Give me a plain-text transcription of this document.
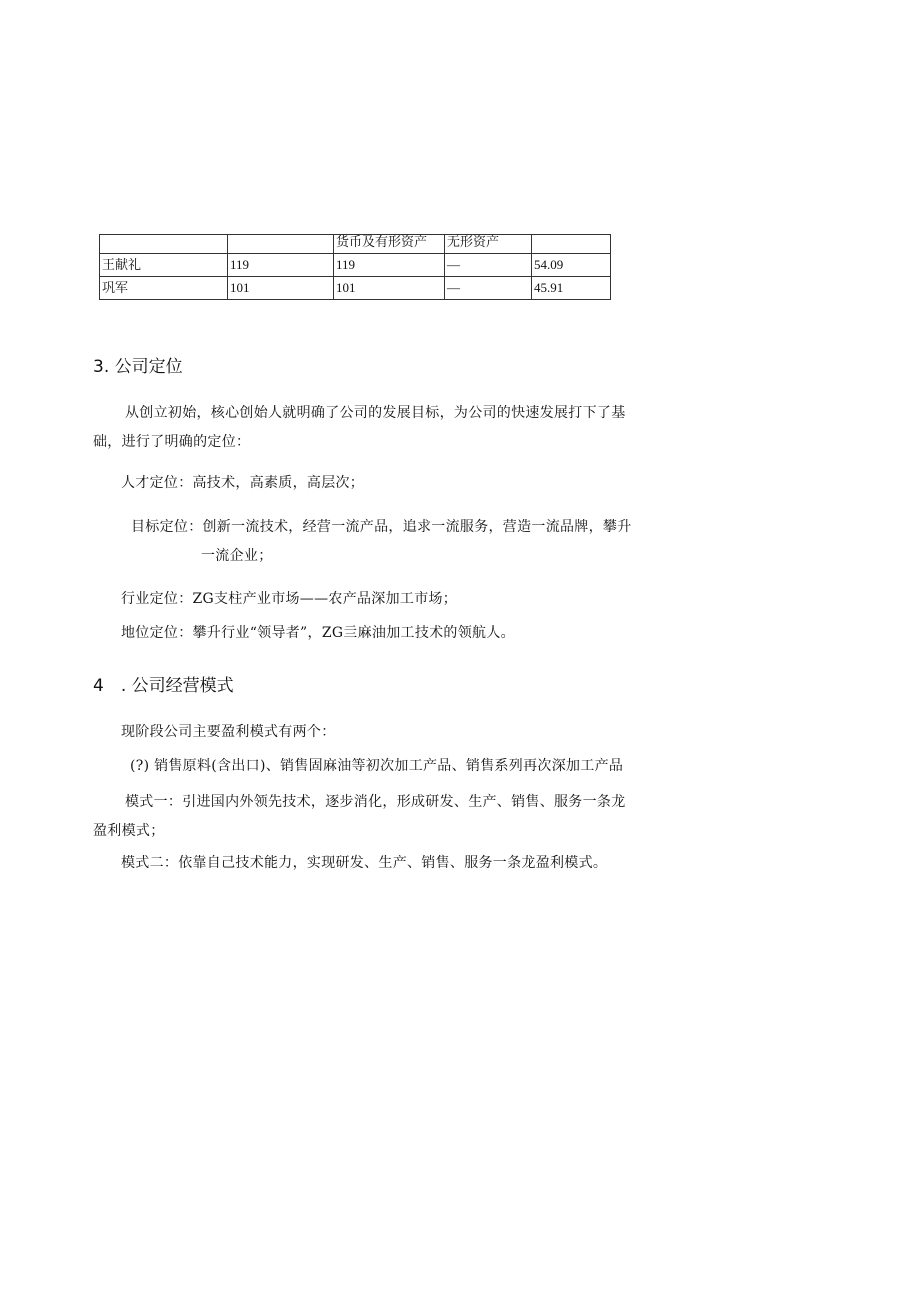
		货币及有形资产	无形资产	
王献礼	119	119	—	54.09
巩军	101	101	—	45.91
3. 公司定位
从创立初始，核心创始人就明确了公司的发展目标，为公司的快速发展打下了基
础，进行了明确的定位：
人才定位：高技术，高素质，高层次；
目标定位：创新一流技术，经营一流产品，追求一流服务，营造一流品牌，攀升
一流企业；
行业定位：ZG支柱产业市场——农产品深加工市场；
地位定位：攀升行业“领导者”，ZG亖麻油加工技术的领航人。
4　. 公司经营模式
现阶段公司主要盈利模式有两个：
(?) 销售原料(含出口)、销售固麻油等初次加工产品、销售系列再次深加工产品
模式一：引进国内外领先技术，逐步消化，形成研发、生产、销售、服务一条龙
盈利模式；
模式二：依靠自己技术能力，实现研发、生产、销售、服务一条龙盈利模式。
